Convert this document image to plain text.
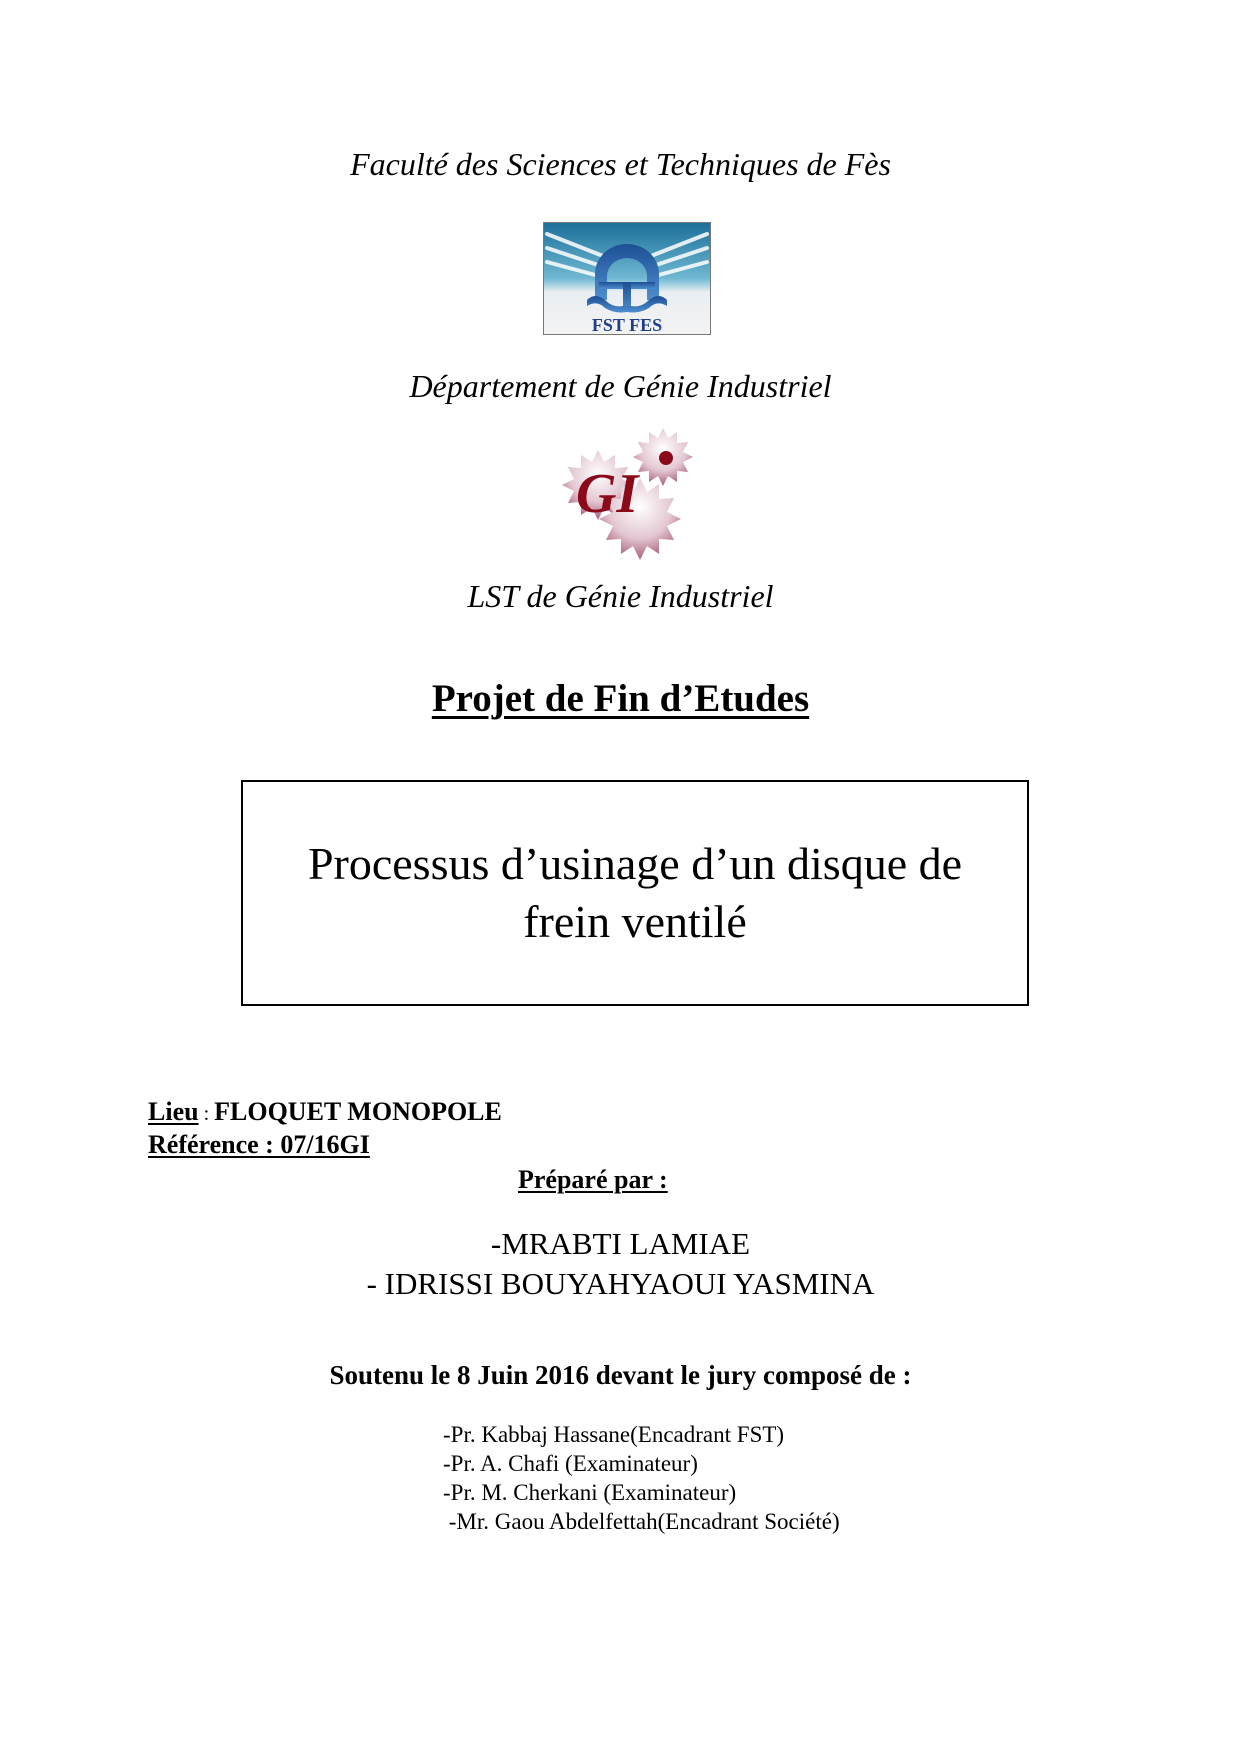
Faculté des Sciences et Techniques de Fès
FST FES
Département de Génie Industriel
GI
LST de Génie Industriel
Projet de Fin d’Etudes
Processus d’usinage d’un disque de
frein ventilé
Lieu : FLOQUET MONOPOLE
Référence : 07/16GI
Préparé par :
-MRABTI LAMIAE
- IDRISSI BOUYAHYAOUI YASMINA
Soutenu le 8 Juin 2016 devant le jury composé de :
-Pr. Kabbaj Hassane(Encadrant FST)
-Pr. A. Chafi (Examinateur)
-Pr. M. Cherkani (Examinateur)
-Mr. Gaou Abdelfettah(Encadrant Société)
